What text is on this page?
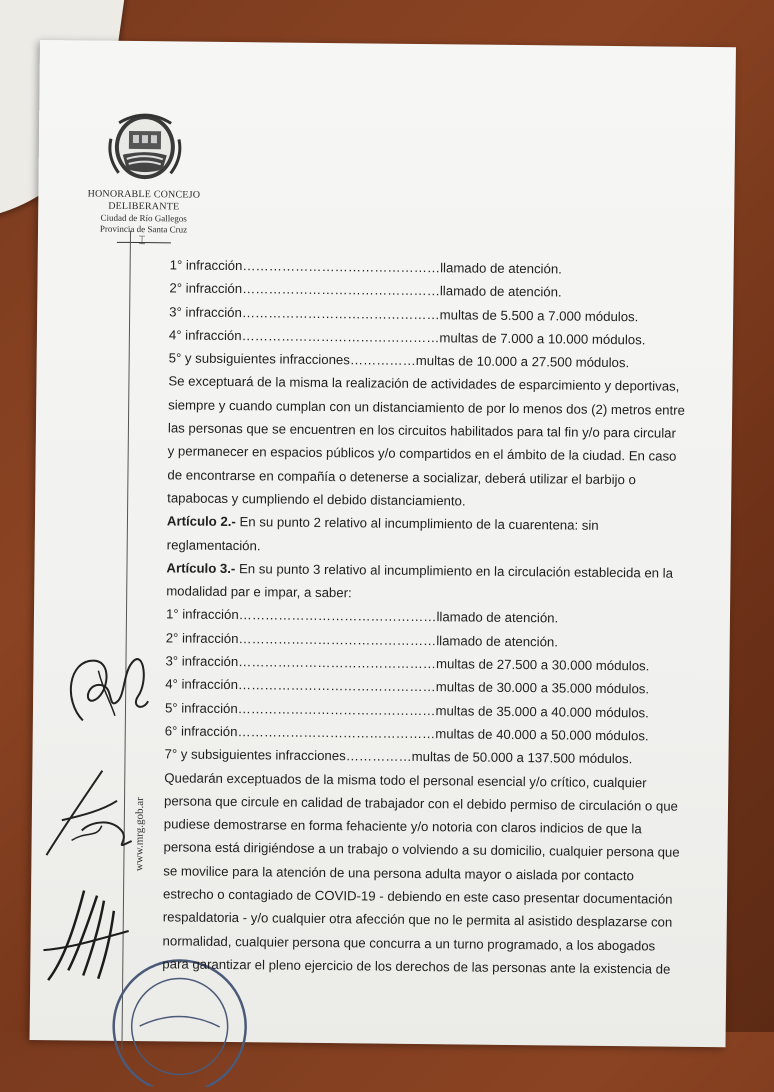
HONORABLE CONCEJO DELIBERANTE
Ciudad de Río Gallegos
Provincia de Santa Cruz
⌶
www.mrg.gob.ar
1° infracción………………………………………llamado de atención.
2° infracción………………………………………llamado de atención.
3° infracción………………………………………multas de 5.500 a 7.000 módulos.
4° infracción………………………………………multas de 7.000 a 10.000 módulos.
5° y subsiguientes infracciones……………multas de 10.000 a 27.500 módulos.
Se exceptuará de la misma la realización de actividades de esparcimiento y deportivas,
siempre y cuando cumplan con un distanciamiento de por lo menos dos (2) metros entre
las personas que se encuentren en los circuitos habilitados para tal fin y/o para circular
y permanecer en espacios públicos y/o compartidos en el ámbito de la ciudad. En caso
de encontrarse en compañía o detenerse a socializar, deberá utilizar el barbijo o
tapabocas y cumpliendo el debido distanciamiento.
Artículo 2.- En su punto 2 relativo al incumplimiento de la cuarentena: sin
reglamentación.
Artículo 3.- En su punto 3 relativo al incumplimiento en la circulación establecida en la
modalidad par e impar, a saber:
1° infracción………………………………………llamado de atención.
2° infracción………………………………………llamado de atención.
3° infracción………………………………………multas de 27.500 a 30.000 módulos.
4° infracción………………………………………multas de 30.000 a 35.000 módulos.
5° infracción………………………………………multas de 35.000 a 40.000 módulos.
6° infracción………………………………………multas de 40.000 a 50.000 módulos.
7° y subsiguientes infracciones……………multas de 50.000 a 137.500 módulos.
Quedarán exceptuados de la misma todo el personal esencial y/o crítico, cualquier
persona que circule en calidad de trabajador con el debido permiso de circulación o que
pudiese demostrarse en forma fehaciente y/o notoria con claros indicios de que la
persona está dirigiéndose a un trabajo o volviendo a su domicilio, cualquier persona que
se movilice para la atención de una persona adulta mayor o aislada por contacto
estrecho o contagiado de COVID-19 - debiendo en este caso presentar documentación
respaldatoria - y/o cualquier otra afección que no le permita al asistido desplazarse con
normalidad, cualquier persona que concurra a un turno programado, a los abogados
para garantizar el pleno ejercicio de los derechos de las personas ante la existencia de
